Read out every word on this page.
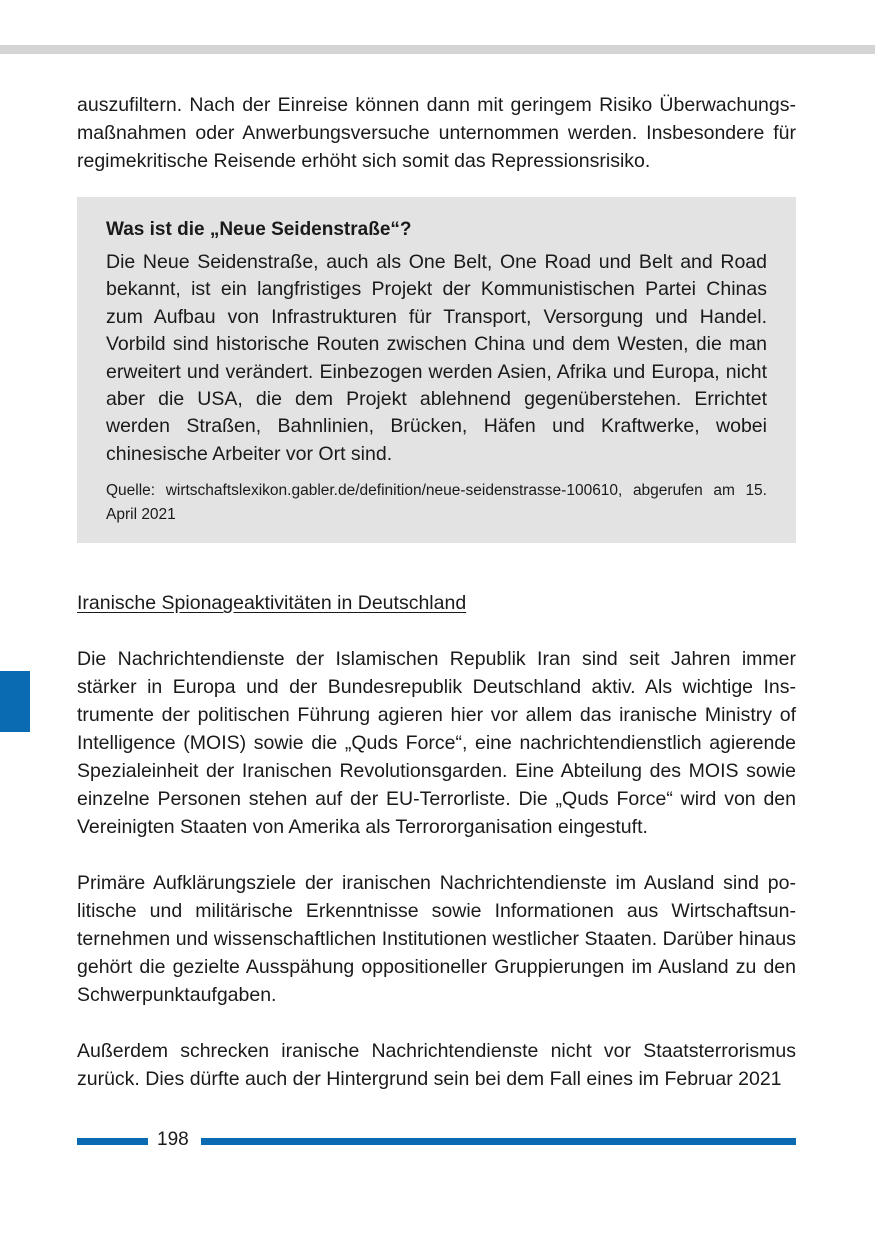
auszufiltern. Nach der Einreise können dann mit geringem Risiko Überwachungsmaßnahmen oder Anwerbungsversuche unternommen werden. Insbesondere für regimekritische Reisende erhöht sich somit das Repressionsrisiko.

Was ist die „Neue Seidenstraße“?

Die Neue Seidenstraße, auch als One Belt, One Road und Belt and Road bekannt, ist ein langfristiges Projekt der Kommunistischen Partei Chinas zum Aufbau von Infrastrukturen für Transport, Versorgung und Handel. Vorbild sind historische Routen zwischen China und dem Westen, die man erweitert und verändert. Einbezogen werden Asien, Afrika und Europa, nicht aber die USA, die dem Projekt ablehnend gegenüberstehen. Errichtet werden Straßen, Bahnlinien, Brücken, Häfen und Kraftwerke, wobei chinesische Arbeiter vor Ort sind.

Quelle: wirtschaftslexikon.gabler.de/definition/neue-seidenstrasse-100610, abgerufen am 15. April 2021

Iranische Spionageaktivitäten in Deutschland

Die Nachrichtendienste der Islamischen Republik Iran sind seit Jahren immer stärker in Europa und der Bundesrepublik Deutschland aktiv. Als wichtige Instrumente der politischen Führung agieren hier vor allem das iranische Ministry of Intelligence (MOIS) sowie die „Quds Force“, eine nachrichtendienstlich agierende Spezialeinheit der Iranischen Revolutionsgarden. Eine Abteilung des MOIS sowie einzelne Personen stehen auf der EU-Terrorliste. Die „Quds Force“ wird von den Vereinigten Staaten von Amerika als Terrororganisation eingestuft.

Primäre Aufklärungsziele der iranischen Nachrichtendienste im Ausland sind politische und militärische Erkenntnisse sowie Informationen aus Wirtschaftsunternehmen und wissenschaftlichen Institutionen westlicher Staaten. Darüber hinaus gehört die gezielte Ausspähung oppositioneller Gruppierungen im Ausland zu den Schwerpunktaufgaben.

Außerdem schrecken iranische Nachrichtendienste nicht vor Staatsterrorismus zurück. Dies dürfte auch der Hintergrund sein bei dem Fall eines im Februar 2021

198
